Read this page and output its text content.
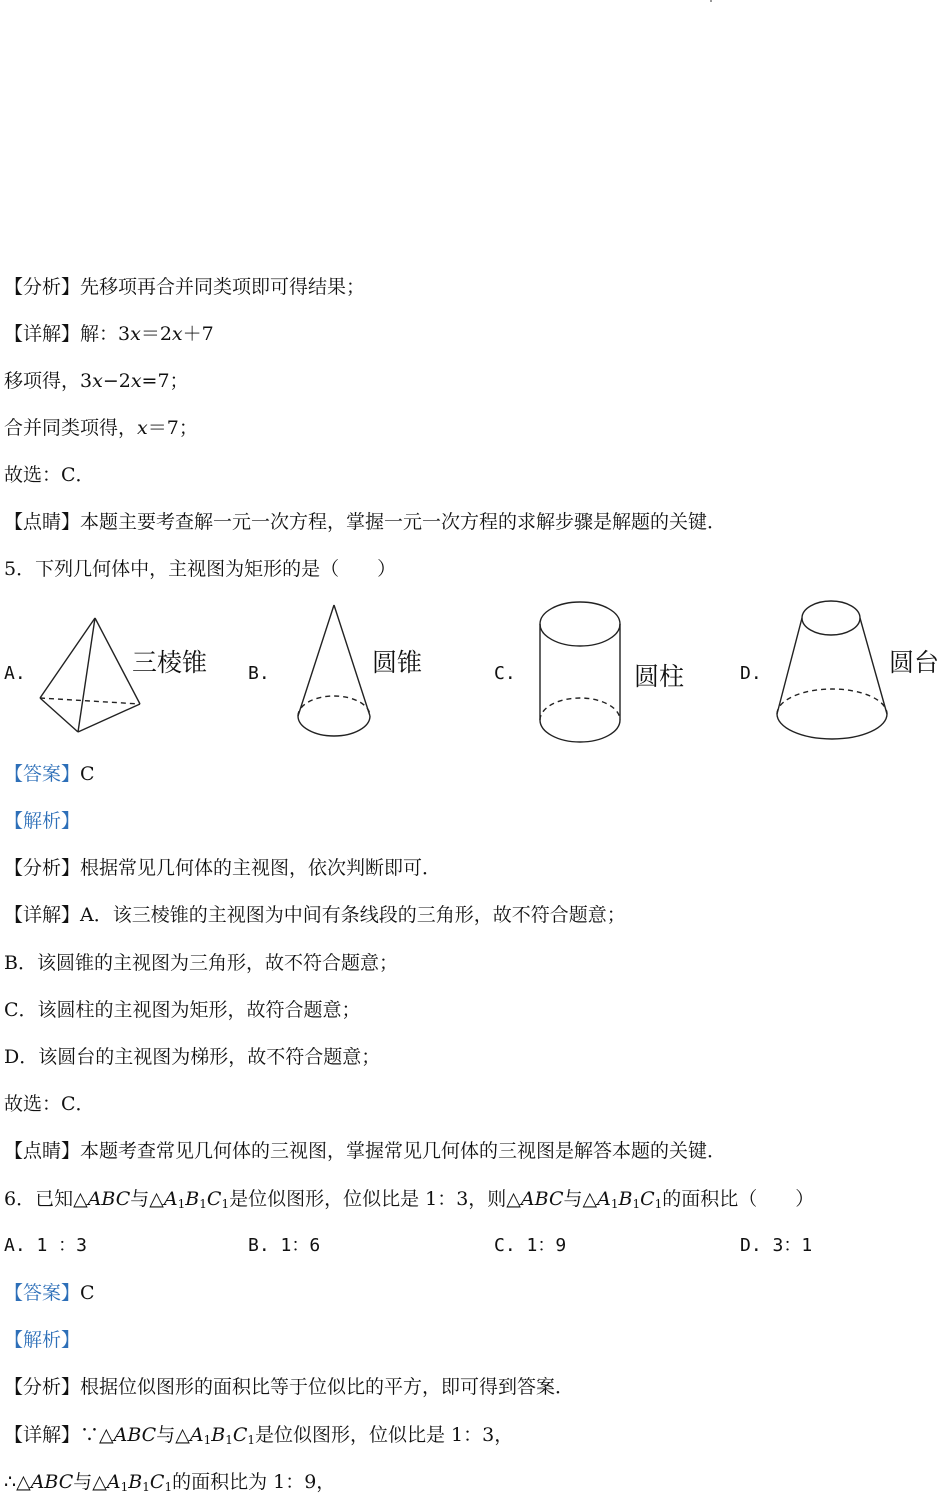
【分析】先移项再合并同类项即可得结果；
【详解】解：3x＝2x＋7
移项得，3x−2x=7；
合并同类项得，x＝7；
故选：C．
【点睛】本题主要考查解一元一次方程，掌握一元一次方程的求解步骤是解题的关键．
5．下列几何体中，主视图为矩形的是（　　）
A.	三棱锥 B.	圆锥	C.	圆柱	D.	圆台
【答案】C
【解析】
【分析】根据常见几何体的主视图，依次判断即可．
【详解】A．该三棱锥的主视图为中间有条线段的三角形，故不符合题意；
B．该圆锥的主视图为三角形，故不符合题意；
C．该圆柱的主视图为矩形，故符合题意；
D．该圆台的主视图为梯形，故不符合题意；
故选：C．
【点睛】本题考查常见几何体的三视图，掌握常见几何体的三视图是解答本题的关键．
6．已知△ABC与$\triangle A_1B_1C_1$是位似图形，位似比是 1：3，则△ABC与$\triangle A_1B_1C_1$的面积比（　　）
A. 1 ：3	B. 1：6	C. 1：9	D. 3：1
【答案】C
【解析】
【分析】根据位似图形的面积比等于位似比的平方，即可得到答案．
【详解】∵△ABC与$\triangle A_1B_1C_1$是位似图形，位似比是 1：3，
∴△ABC与$\triangle A_1B_1C_1$的面积比为 1：9，
